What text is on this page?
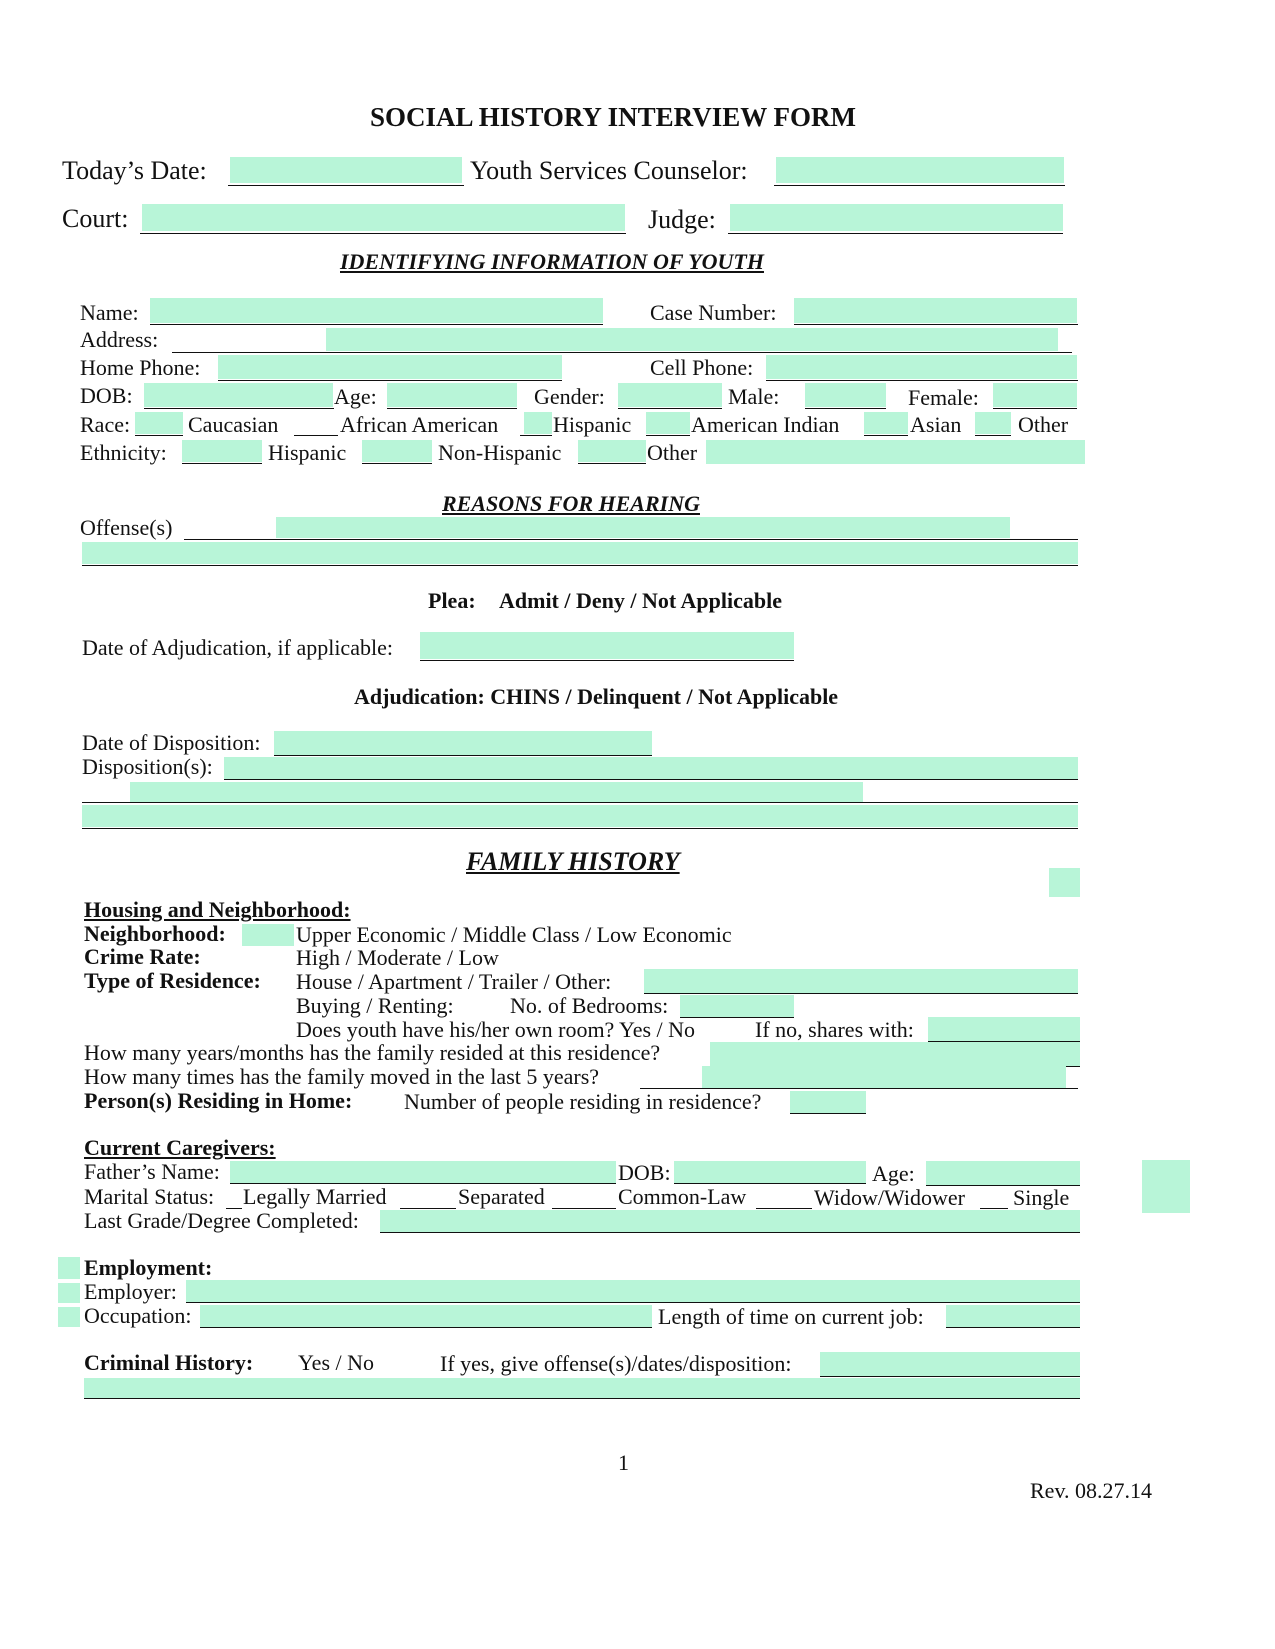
SOCIAL HISTORY INTERVIEW FORM
Today’s Date:	Youth Services Counselor:
Court:	Judge:
IDENTIFYING INFORMATION OF YOUTH
Name:	Case Number:
Address:
Home Phone:	Cell Phone:
DOB:	Age:	Gender:	Male:	Female:
Race:	Caucasian	African American Hispanic	American Indian	Asian	Other
Ethnicity:	Hispanic	Non-Hispanic	Other
REASONS FOR HEARING
Offense(s)
Plea: Admit / Deny / Not Applicable
Date of Adjudication, if applicable:
Adjudication: CHINS / Delinquent / Not Applicable
Date of Disposition:
Disposition(s):
FAMILY HISTORY
Housing and Neighborhood:
Neighborhood:	Upper Economic / Middle Class / Low Economic
Crime Rate:	High / Moderate / Low
Type of Residence: House / Apartment / Trailer / Other:
Buying / Renting:	No. of Bedrooms:
Does youth have his/her own room? Yes / No	If no, shares with:
How many years/months has the family resided at this residence?
How many times has the family moved in the last 5 years?
Person(s) Residing in Home: Number of people residing in residence?
Current Caregivers:
Father’s Name:	DOB:	Age:
Marital Status: Legally Married	Separated	Common-Law	Widow/Widower Single
Last Grade/Degree Completed:
Employment:
Employer:
Occupation:	Length of time on current job:
Criminal History: Yes / No	If yes, give offense(s)/dates/disposition:
1
Rev. 08.27.14
